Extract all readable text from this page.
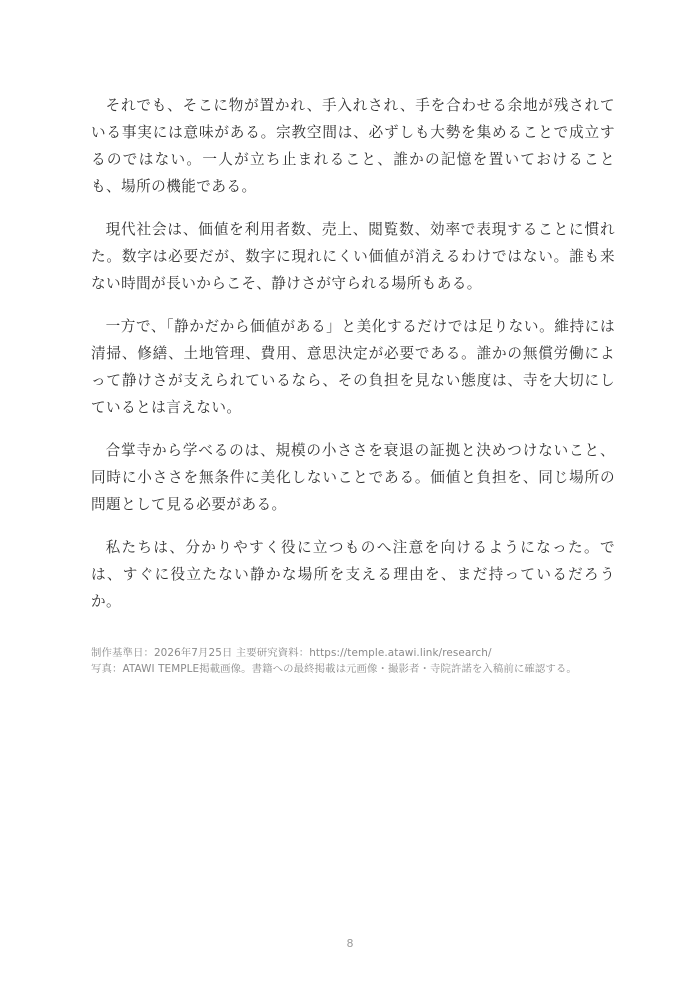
それでも、そこに物が置かれ、手入れされ、手を合わせる余地が残されている事実には意味がある。宗教空間は、必ずしも大勢を集めることで成立するのではない。一人が立ち止まれること、誰かの記憶を置いておけることも、場所の機能である。

現代社会は、価値を利用者数、売上、閲覧数、効率で表現することに慣れた。数字は必要だが、数字に現れにくい価値が消えるわけではない。誰も来ない時間が長いからこそ、静けさが守られる場所もある。

一方で、「静かだから価値がある」と美化するだけでは足りない。維持には清掃、修繕、土地管理、費用、意思決定が必要である。誰かの無償労働によって静けさが支えられているなら、その負担を見ない態度は、寺を大切にしているとは言えない。

合掌寺から学べるのは、規模の小ささを衰退の証拠と決めつけないこと、同時に小ささを無条件に美化しないことである。価値と負担を、同じ場所の問題として見る必要がある。

私たちは、分かりやすく役に立つものへ注意を向けるようになった。では、すぐに役立たない静かな場所を支える理由を、まだ持っているだろうか。

制作基準日：2026年7月25日 主要研究資料：https://temple.atawi.link/research/

写真：ATAWI TEMPLE掲載画像。書籍への最終掲載は元画像・撮影者・寺院許諾を入稿前に確認する。

8
